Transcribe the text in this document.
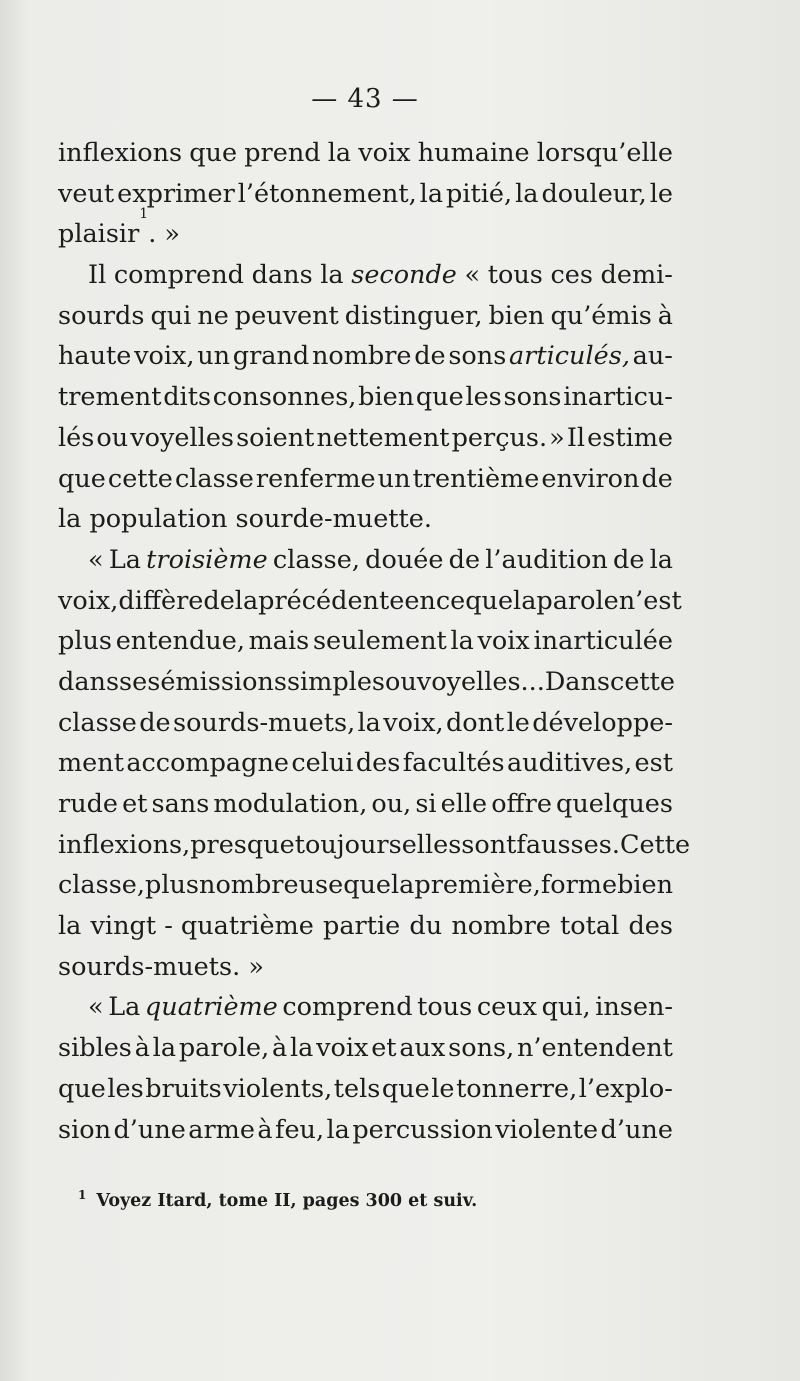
— 43 —
inflexions que prend la voix humaine lorsqu’elle
veut exprimer l’étonnement, la pitié, la douleur, le
plaisir
1
. »
Il comprend dans la seconde « tous ces demi-
sourds qui ne peuvent distinguer, bien qu’émis à
haute voix, un grand nombre de sons articulés, au-
trement dits consonnes, bien que les sons inarticu-
lés ou voyelles soient nettement perçus. » Il estime
que cette classe renferme un trentième environ de
la population sourde-muette.
« La troisième classe, douée de l’audition de la
voix, diffère de la précédente en ce que la parole n’est
plus entendue, mais seulement la voix inarticulée
dans ses émissions simples ou voyelles... Dans cette
classe de sourds-muets, la voix, dont le développe-
ment accompagne celui des facultés auditives, est
rude et sans modulation, ou, si elle offre quelques
inflexions, presque toujours elles sont fausses. Cette
classe, plus nombreuse que la première, forme bien
la vingt - quatrième partie du nombre total des
sourds-muets. »
« La quatrième comprend tous ceux qui, insen-
sibles à la parole, à la voix et aux sons, n’entendent
que les bruits violents, tels que le tonnerre, l’explo-
sion d’une arme à feu, la percussion violente d’une
$^1$ Voyez Itard, tome II, pages 300 et suiv.
